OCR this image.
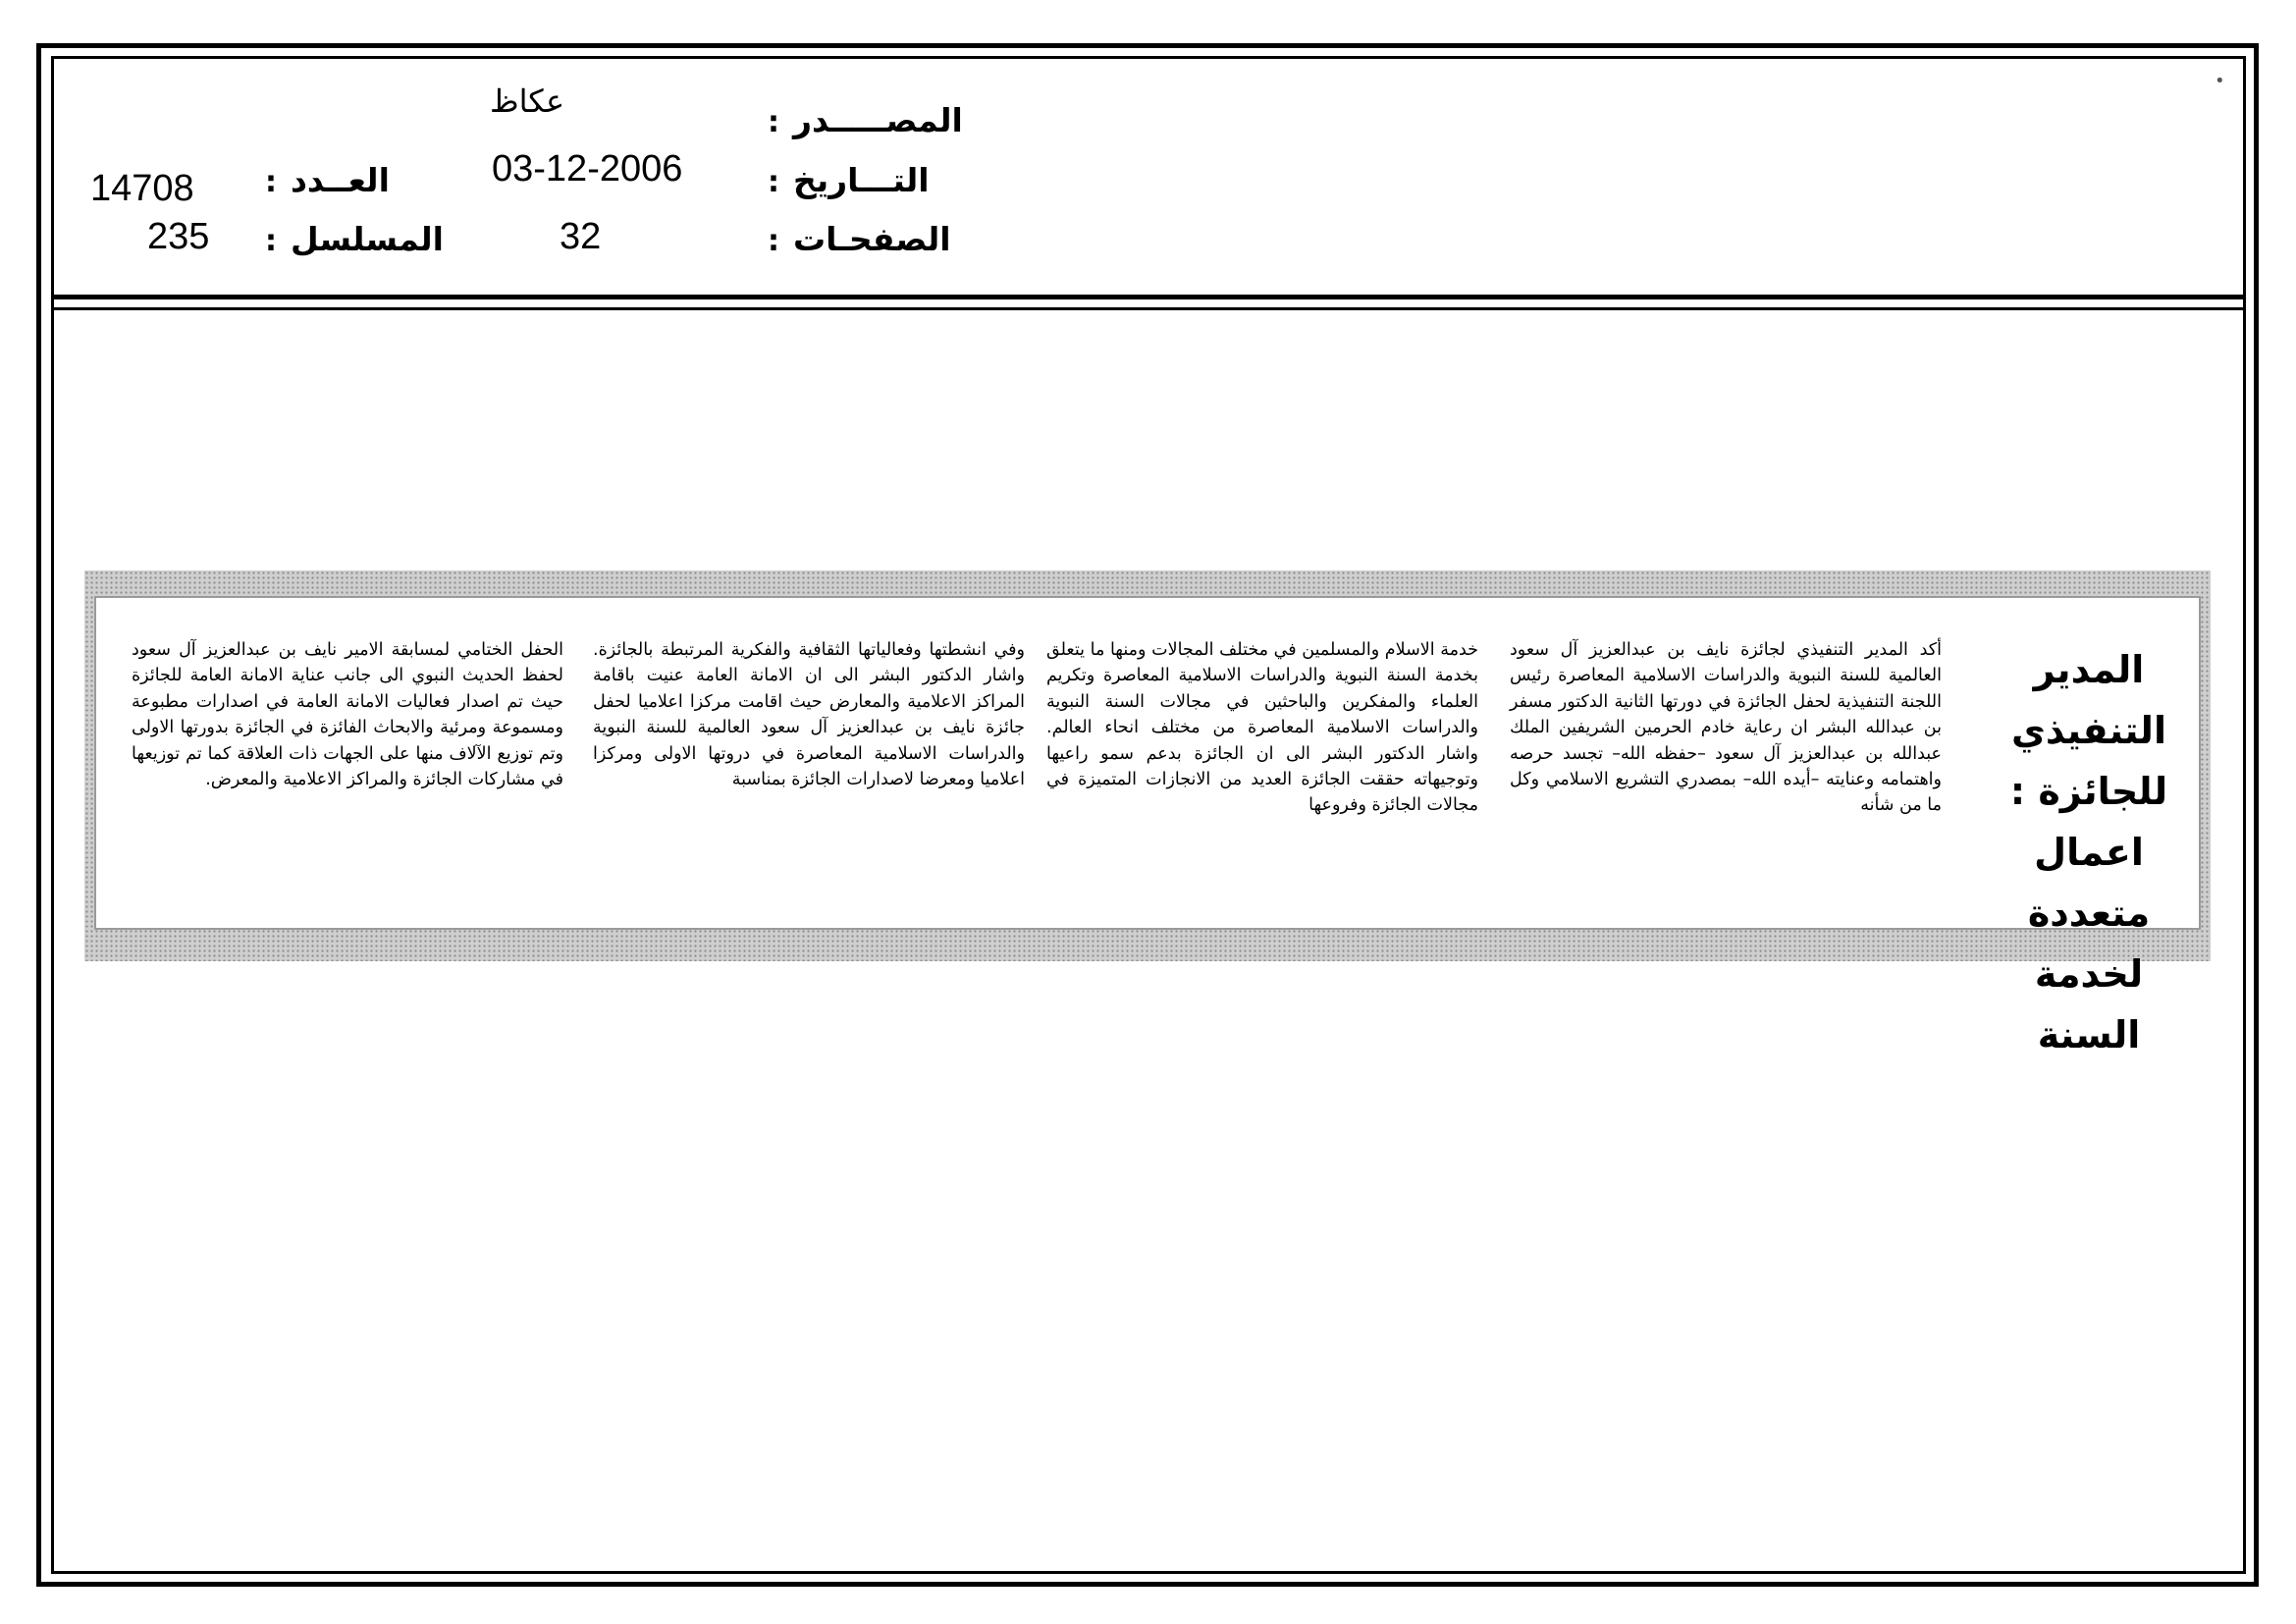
•
عكاظ
: المصـــــدر
03-12-2006	: التـــاريخ
32	: الصفحـات
14708 : العــدد
235 : المسلسل
المدير التنفيذي
للجائزة :
اعمال متعددة
لخدمة السنة

أكد المدير التنفيذي لجائزة نايف بن عبدالعزيز آل سعود العالمية للسنة النبوية والدراسات الاسلامية المعاصرة رئيس اللجنة التنفيذية لحفل الجائزة في دورتها الثانية الدكتور مسفر بن عبدالله البشر ان رعاية خادم الحرمين الشريفين الملك عبدالله بن عبدالعزيز آل سعود –حفظه الله– تجسد حرصه واهتمامه وعنايته –أيده الله– بمصدري التشريع الاسلامي وكل ما من شأنه

خدمة الاسلام والمسلمين في مختلف المجالات ومنها ما يتعلق بخدمة السنة النبوية والدراسات الاسلامية المعاصرة وتكريم العلماء والمفكرين والباحثين في مجالات السنة النبوية والدراسات الاسلامية المعاصرة من مختلف انحاء العالم. واشار الدكتور البشر الى ان الجائزة بدعم سمو راعيها وتوجيهاته حققت الجائزة العديد من الانجازات المتميزة في مجالات الجائزة وفروعها

وفي انشطتها وفعالياتها الثقافية والفكرية المرتبطة بالجائزة. واشار الدكتور البشر الى ان الامانة العامة عنيت باقامة المراكز الاعلامية والمعارض حيث اقامت مركزا اعلاميا لحفل جائزة نايف بن عبدالعزيز آل سعود العالمية للسنة النبوية والدراسات الاسلامية المعاصرة في دروتها الاولى ومركزا اعلاميا ومعرضا لاصدارات الجائزة بمناسبة

الحفل الختامي لمسابقة الامير نايف بن عبدالعزيز آل سعود لحفظ الحديث النبوي الى جانب عناية الامانة العامة للجائزة حيث تم اصدار فعاليات الامانة العامة في اصدارات مطبوعة ومسموعة ومرئية والابحاث الفائزة في الجائزة بدورتها الاولى وتم توزيع الآلاف منها على الجهات ذات العلاقة كما تم توزيعها في مشاركات الجائزة والمراكز الاعلامية والمعرض.
